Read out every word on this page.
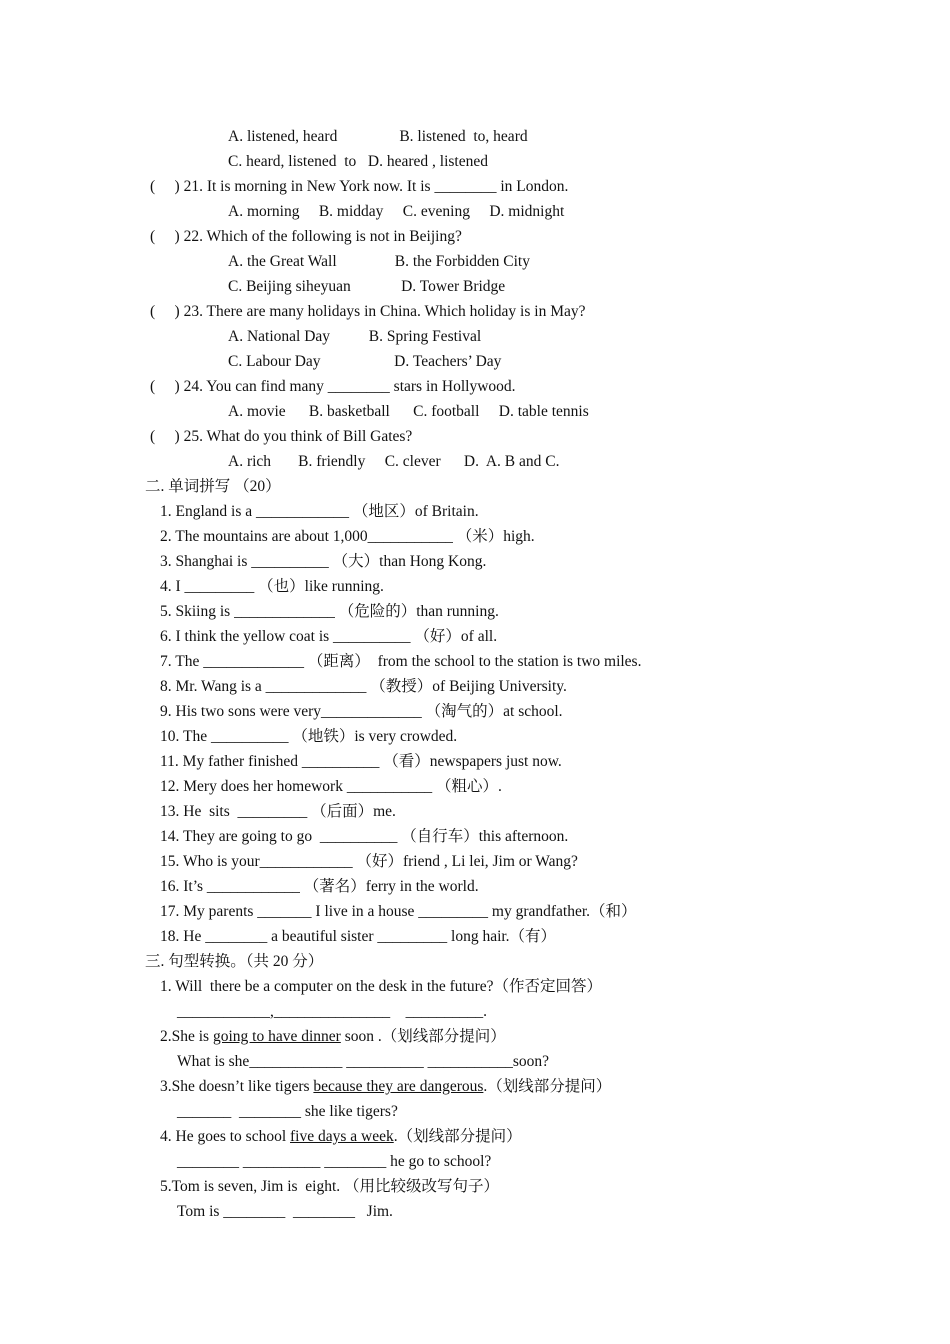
A. listened, heard                B. listened  to, heard
C. heard, listened  to   D. heared , listened
(     ) 21. It is morning in New York now. It is ________ in London.
A. morning     B. midday     C. evening     D. midnight
(     ) 22. Which of the following is not in Beijing?
A. the Great Wall               B. the Forbidden City
C. Beijing siheyuan             D. Tower Bridge
(     ) 23. There are many holidays in China. Which holiday is in May?
A. National Day          B. Spring Festival
C. Labour Day                   D. Teachers’ Day
(     ) 24. You can find many ________ stars in Hollywood.
A. movie      B. basketball      C. football     D. table tennis
(     ) 25. What do you think of Bill Gates?
A. rich       B. friendly     C. clever      D.  A. B and C.
二. 单词拼写 （20）
1. England is a ____________ （地区）of Britain.
2. The mountains are about 1,000___________ （米）high.
3. Shanghai is __________ （大）than Hong Kong.
4. I _________ （也）like running.
5. Skiing is _____________ （危险的）than running.
6. I think the yellow coat is __________ （好）of all.
7. The _____________ （距离）  from the school to the station is two miles.
8. Mr. Wang is a _____________ （教授）of Beijing University.
9. His two sons were very_____________ （淘气的）at school.
10. The __________ （地铁）is very crowded.
11. My father finished __________ （看）newspapers just now.
12. Mery does her homework ___________ （粗心）.
13. He  sits  _________ （后面）me.
14. They are going to go  __________ （自行车）this afternoon.
15. Who is your____________ （好）friend , Li lei, Jim or Wang?
16. It’s ____________ （著名）ferry in the world.
17. My parents _______ I live in a house _________ my grandfather.（和）
18. He ________ a beautiful sister _________ long hair.（有）
三. 句型转换。（共 20 分）
1. Will  there be a computer on the desk in the future?（作否定回答）
____________,_______________    __________.
2.She is going to have dinner soon .（划线部分提问）
What is she____________ __________ ___________soon?
3.She doesn’t like tigers because they are dangerous.（划线部分提问）
_______  ________ she like tigers?
4. He goes to school five days a week.（划线部分提问）
________ __________ ________ he go to school?
5.Tom is seven, Jim is  eight. （用比较级改写句子）
Tom is ________  ________   Jim.
